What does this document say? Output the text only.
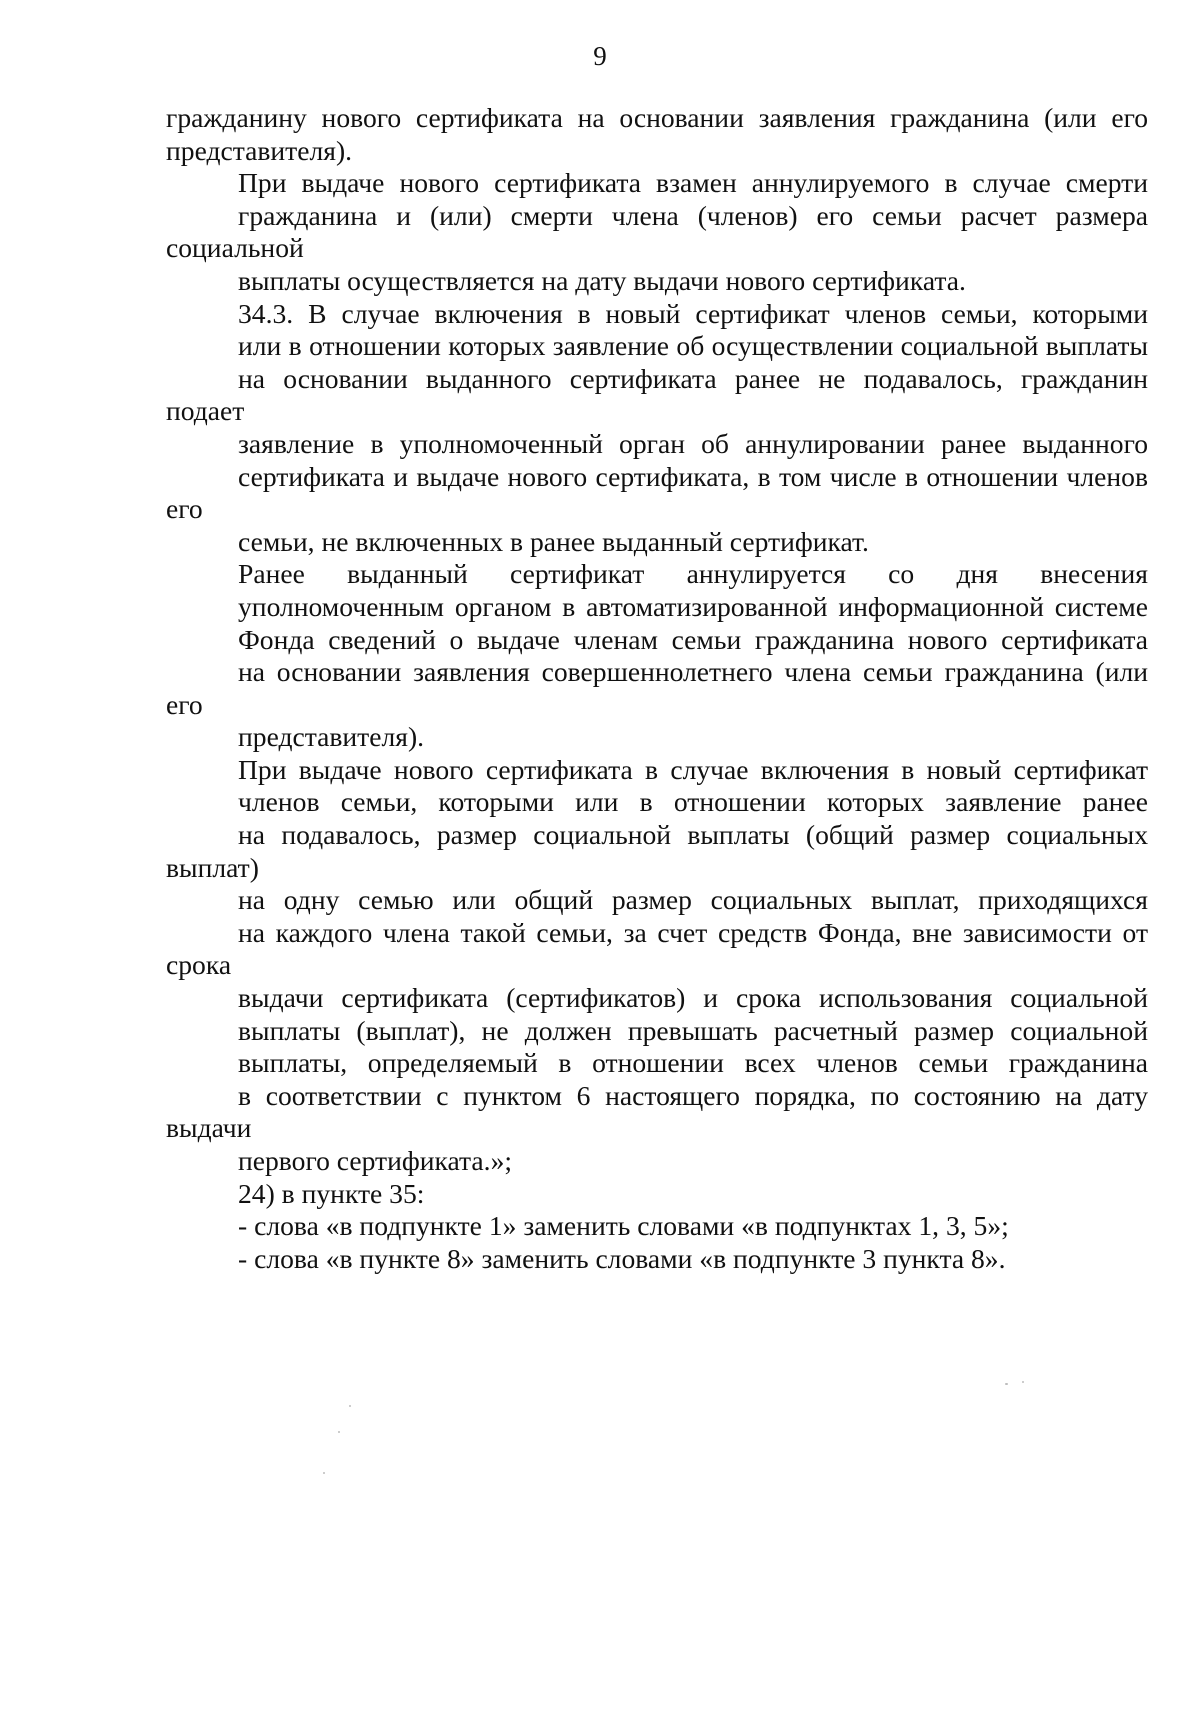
9

гражданину нового сертификата на основании заявления гражданина (или его
представителя).

При выдаче нового сертификата взамен аннулируемого в случае смерти
гражданина и (или) смерти члена (членов) его семьи расчет размера социальной
выплаты осуществляется на дату выдачи нового сертификата.

34.3. В случае включения в новый сертификат членов семьи, которыми
или в отношении которых заявление об осуществлении социальной выплаты
на основании выданного сертификата ранее не подавалось, гражданин подает
заявление в уполномоченный орган об аннулировании ранее выданного
сертификата и выдаче нового сертификата, в том числе в отношении членов его
семьи, не включенных в ранее выданный сертификат.

Ранее выданный сертификат аннулируется со дня внесения
уполномоченным органом в автоматизированной информационной системе
Фонда сведений о выдаче членам семьи гражданина нового сертификата
на основании заявления совершеннолетнего члена семьи гражданина (или его
представителя).

При выдаче нового сертификата в случае включения в новый сертификат
членов семьи, которыми или в отношении которых заявление ранее
на подавалось, размер социальной выплаты (общий размер социальных выплат)
на одну семью или общий размер социальных выплат, приходящихся
на каждого члена такой семьи, за счет средств Фонда, вне зависимости от срока
выдачи сертификата (сертификатов) и срока использования социальной
выплаты (выплат), не должен превышать расчетный размер социальной
выплаты, определяемый в отношении всех членов семьи гражданина
в соответствии с пунктом 6 настоящего порядка, по состоянию на дату выдачи
первого сертификата.»;

24) в пункте 35:

- слова «в подпункте 1» заменить словами «в подпунктах 1, 3, 5»;

- слова «в пункте 8» заменить словами «в подпункте 3 пункта 8».
